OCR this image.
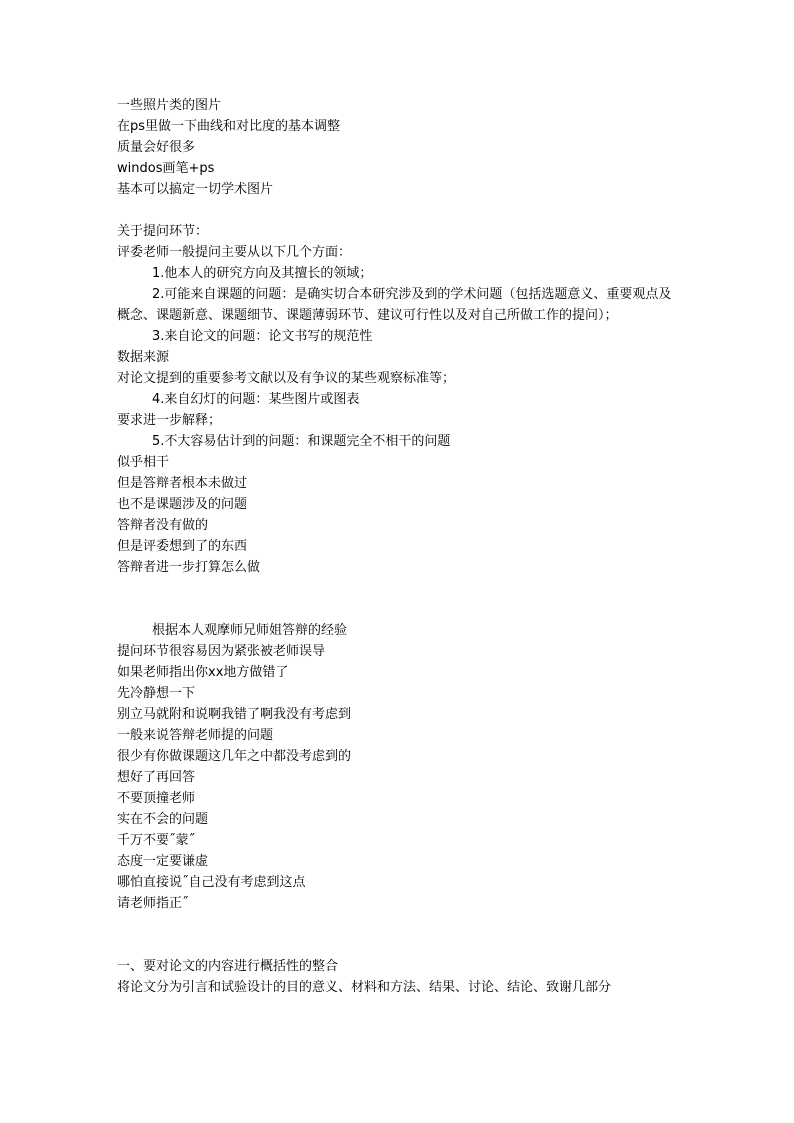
一些照片类的图片
在ps里做一下曲线和对比度的基本调整
质量会好很多
windos画笔+ps
基本可以搞定一切学术图片
关于提问环节：
评委老师一般提问主要从以下几个方面：
1.他本人的研究方向及其擅长的领域；
2.可能来自课题的问题：是确实切合本研究涉及到的学术问题（包括选题意义、重要观点及概念、课题新意、课题细节、课题薄弱环节、建议可行性以及对自己所做工作的提问）；
3.来自论文的问题：论文书写的规范性
数据来源
对论文提到的重要参考文献以及有争议的某些观察标准等；
4.来自幻灯的问题：某些图片或图表
要求进一步解释；
5.不大容易估计到的问题：和课题完全不相干的问题
似乎相干
但是答辩者根本未做过
也不是课题涉及的问题
答辩者没有做的
但是评委想到了的东西
答辩者进一步打算怎么做
根据本人观摩师兄师姐答辩的经验
提问环节很容易因为紧张被老师误导
如果老师指出你xx地方做错了
先冷静想一下
别立马就附和说啊我错了啊我没有考虑到
一般来说答辩老师提的问题
很少有你做课题这几年之中都没考虑到的
想好了再回答
不要顶撞老师
实在不会的问题
千万不要˝蒙˝
态度一定要谦虚
哪怕直接说˝自己没有考虑到这点
请老师指正˝
一、要对论文的内容进行概括性的整合
将论文分为引言和试验设计的目的意义、材料和方法、结果、讨论、结论、致谢几部分
